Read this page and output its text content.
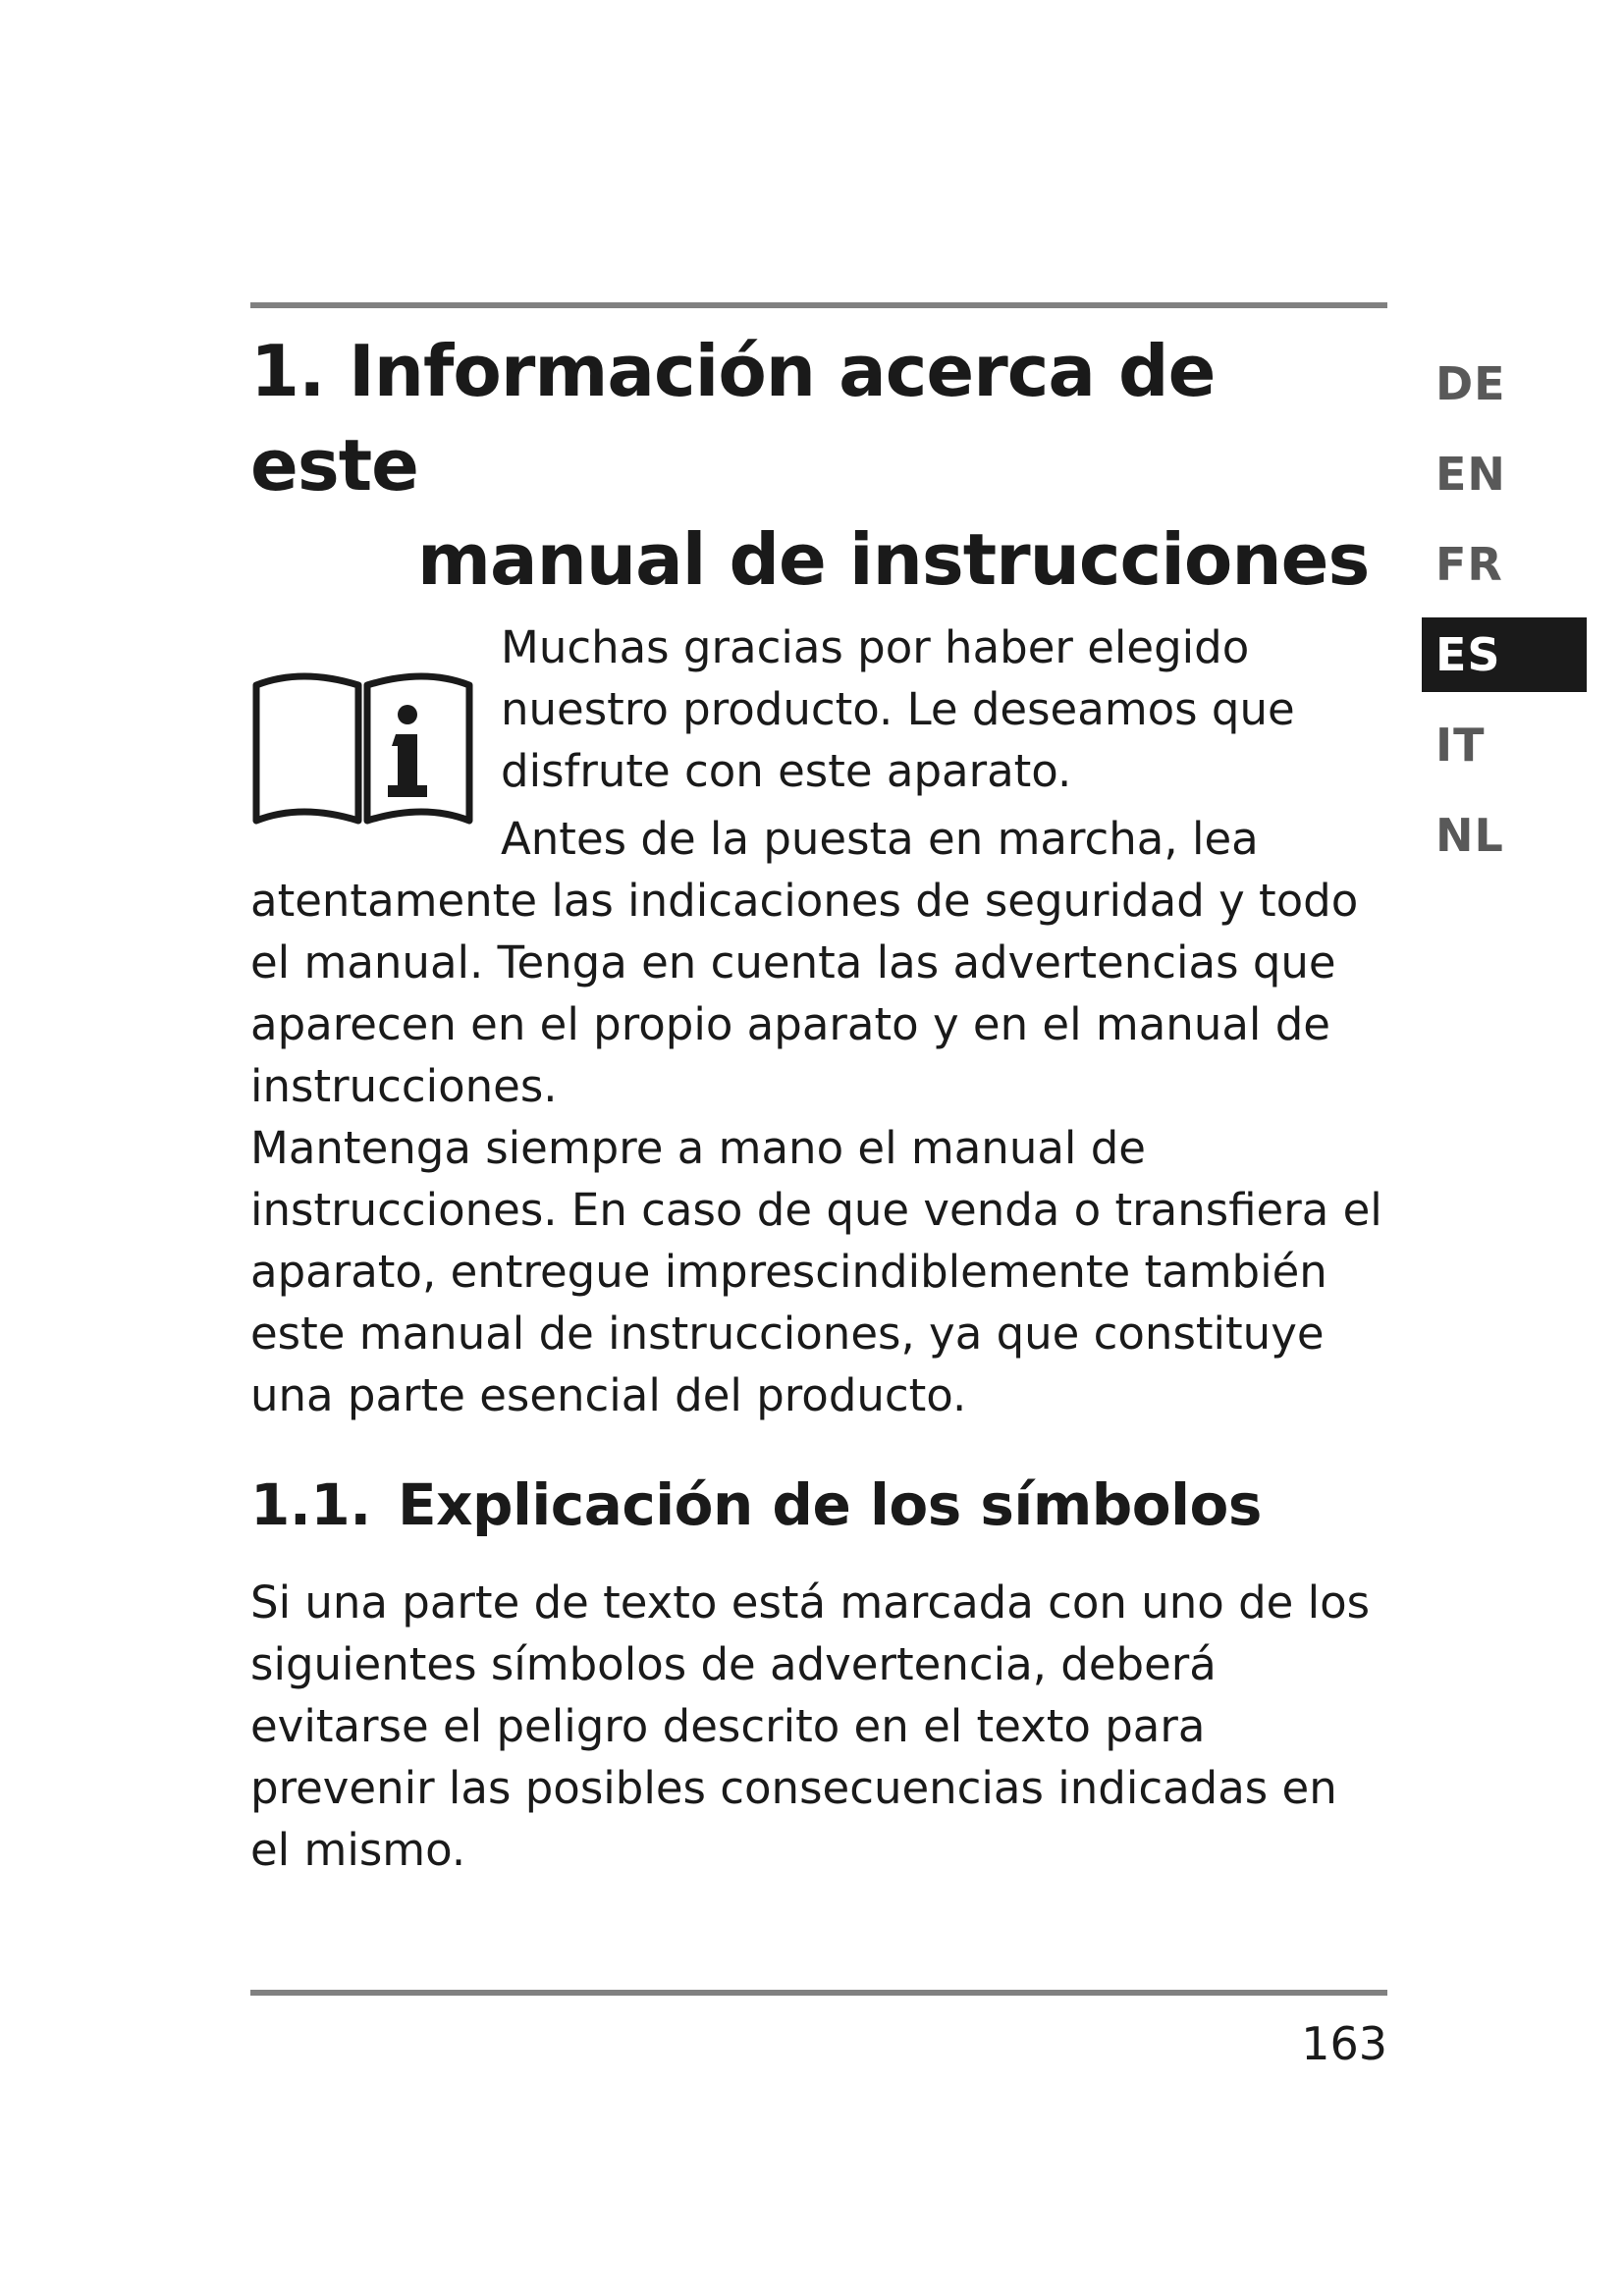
1. Información acerca de este
manual de instrucciones

Muchas gracias por haber elegido nuestro producto. Le deseamos que disfrute con este aparato.

Antes de la puesta en marcha, lea atentamente las indicaciones de seguridad y todo el manual. Tenga en cuenta las advertencias que aparecen en el propio aparato y en el manual de instrucciones.

Mantenga siempre a mano el manual de instrucciones. En caso de que venda o transfiera el aparato, entregue imprescindiblemente también este manual de instrucciones, ya que constituye una parte esencial del producto.

1.1. Explicación de los símbolos

Si una parte de texto está marcada con uno de los siguientes símbolos de advertencia, deberá evitarse el peligro descrito en el texto para prevenir las posibles consecuencias indicadas en el mismo.

DE
EN
FR
ES
IT
NL
163
